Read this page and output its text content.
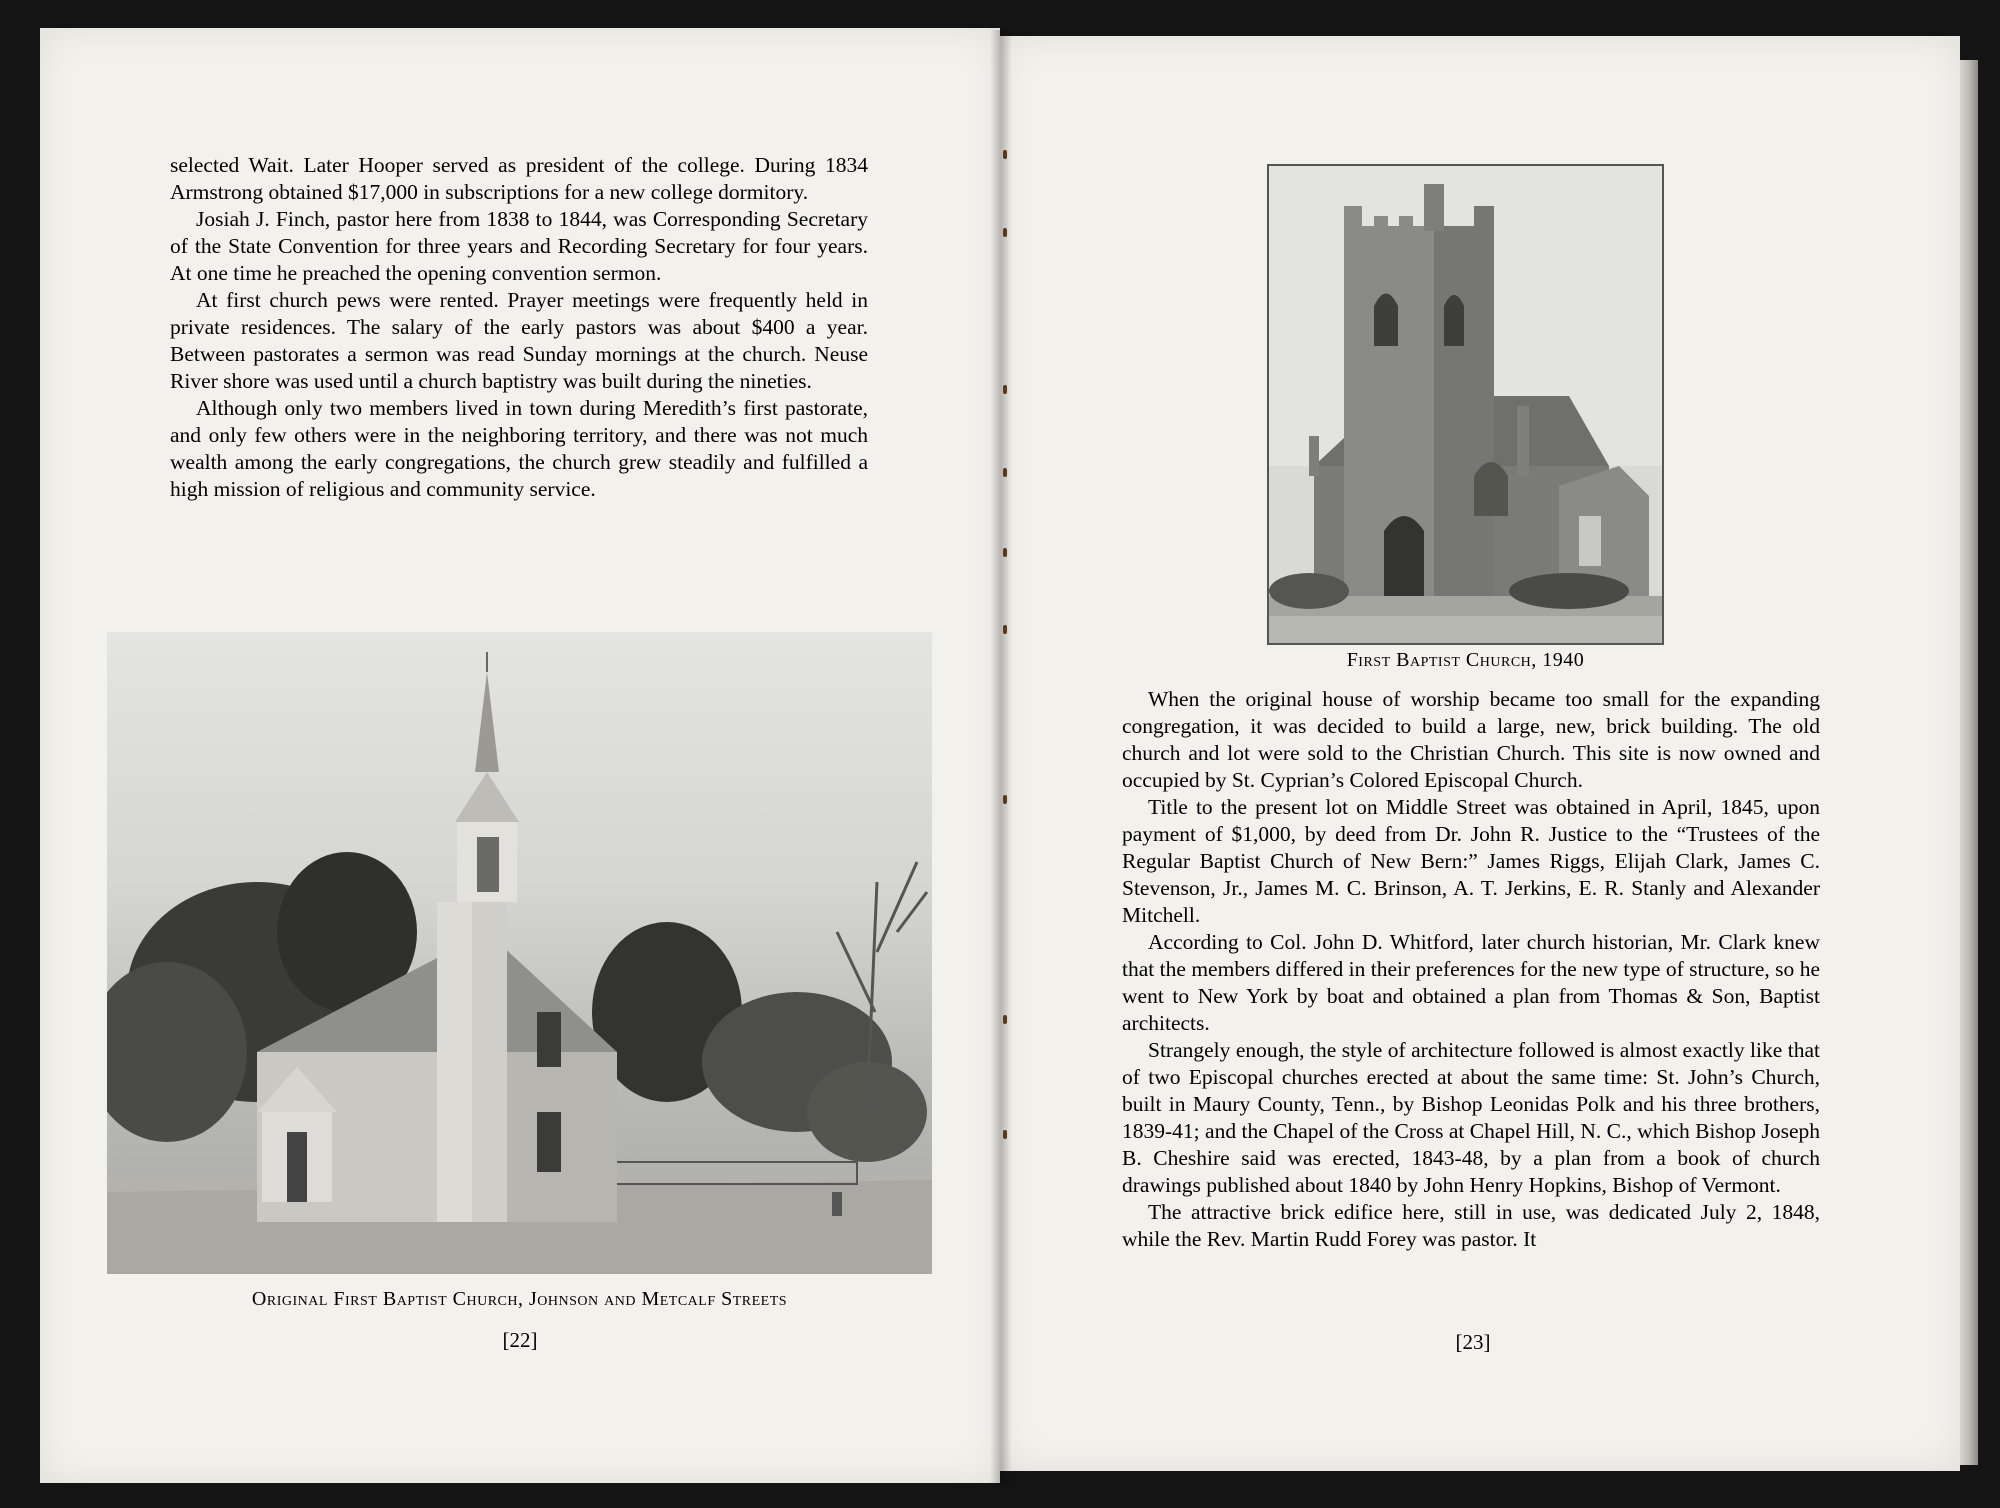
selected Wait. Later Hooper served as president of the college. During 1834 Armstrong obtained $17,000 in subscriptions for a new college dormitory.

Josiah J. Finch, pastor here from 1838 to 1844, was Corresponding Secretary of the State Convention for three years and Recording Secretary for four years. At one time he preached the opening convention sermon.

At first church pews were rented. Prayer meetings were frequently held in private residences. The salary of the early pastors was about $400 a year. Between pastorates a sermon was read Sunday mornings at the church. Neuse River shore was used until a church baptistry was built during the nineties.

Although only two members lived in town during Meredith’s first pastorate, and only few others were in the neighboring territory, and there was not much wealth among the early congregations, the church grew steadily and fulfilled a high mission of religious and community service.

Original First Baptist Church, Johnson and Metcalf Streets
[22]
First Baptist Church, 1940

When the original house of worship became too small for the expanding congregation, it was decided to build a large, new, brick building. The old church and lot were sold to the Christian Church. This site is now owned and occupied by St. Cyprian’s Colored Episcopal Church.

Title to the present lot on Middle Street was obtained in April, 1845, upon payment of $1,000, by deed from Dr. John R. Justice to the “Trustees of the Regular Baptist Church of New Bern:” James Riggs, Elijah Clark, James C. Stevenson, Jr., James M. C. Brinson, A. T. Jerkins, E. R. Stanly and Alexander Mitchell.

According to Col. John D. Whitford, later church historian, Mr. Clark knew that the members differed in their preferences for the new type of structure, so he went to New York by boat and obtained a plan from Thomas & Son, Baptist architects.

Strangely enough, the style of architecture followed is almost exactly like that of two Episcopal churches erected at about the same time: St. John’s Church, built in Maury County, Tenn., by Bishop Leonidas Polk and his three brothers, 1839-41; and the Chapel of the Cross at Chapel Hill, N. C., which Bishop Joseph B. Cheshire said was erected, 1843-48, by a plan from a book of church drawings published about 1840 by John Henry Hopkins, Bishop of Vermont.

The attractive brick edifice here, still in use, was dedicated July 2, 1848, while the Rev. Martin Rudd Forey was pastor. It

[23]
